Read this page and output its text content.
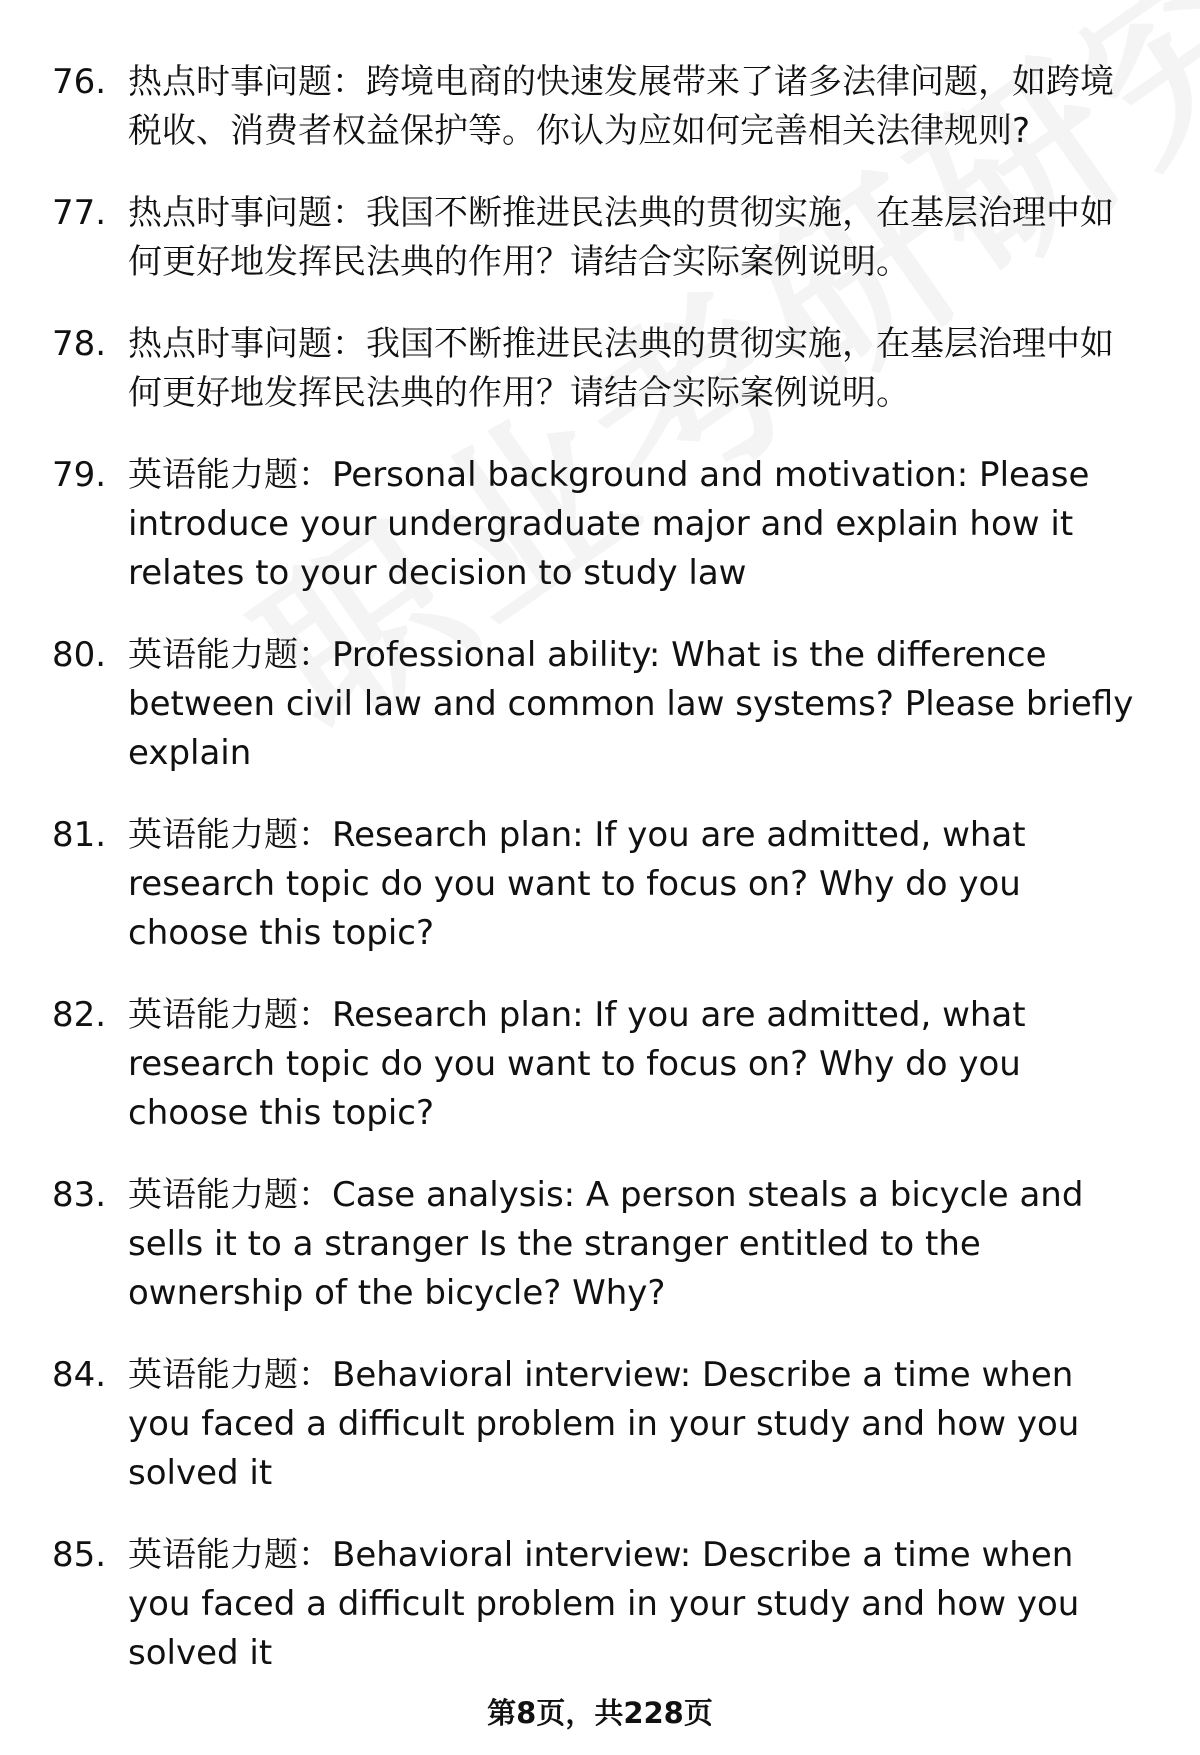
76. 热点时事问题：跨境电商的快速发展带来了诸多法律问题，如跨境税收、消费者权益保护等。你认为应如何完善相关法律规则?
77. 热点时事问题：我国不断推进民法典的贯彻实施，在基层治理中如何更好地发挥民法典的作用？请结合实际案例说明。
78. 热点时事问题：我国不断推进民法典的贯彻实施，在基层治理中如何更好地发挥民法典的作用？请结合实际案例说明。
79. 英语能力题：Personal background and motivation: Please introduce your undergraduate major and explain how it relates to your decision to study law
80. 英语能力题：Professional ability: What is the difference between civil law and common law systems? Please briefly explain
81. 英语能力题：Research plan: If you are admitted, what research topic do you want to focus on? Why do you choose this topic?
82. 英语能力题：Research plan: If you are admitted, what research topic do you want to focus on? Why do you choose this topic?
83. 英语能力题：Case analysis: A person steals a bicycle and sells it to a stranger Is the stranger entitled to the ownership of the bicycle? Why?
84. 英语能力题：Behavioral interview: Describe a time when you faced a difficult problem in your study and how you solved it
85. 英语能力题：Behavioral interview: Describe a time when you faced a difficult problem in your study and how you solved it
第8页，共228页
